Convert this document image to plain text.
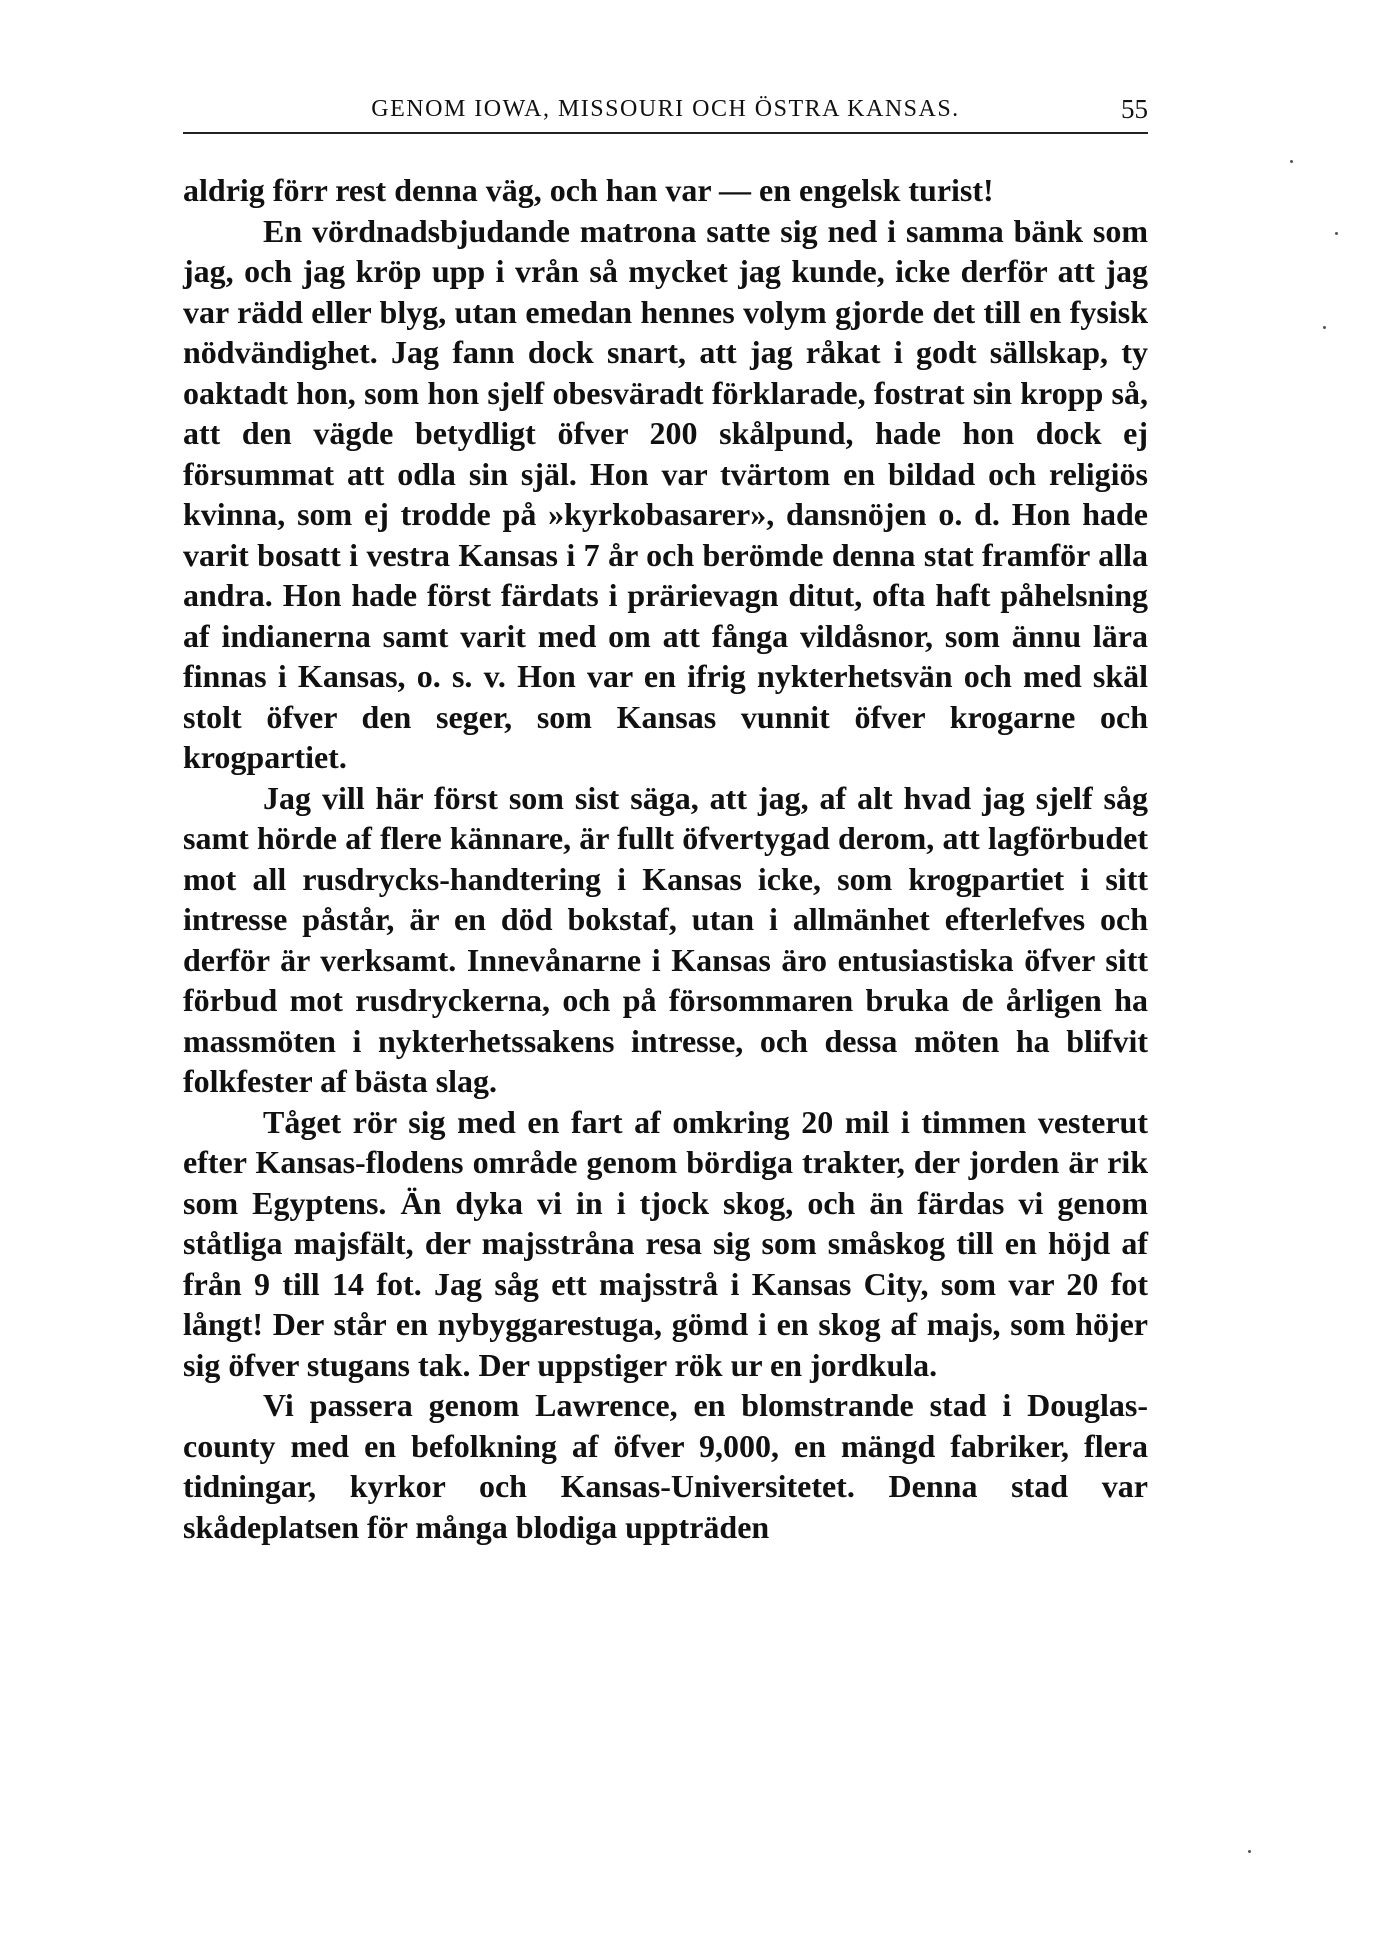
GENOM IOWA, MISSOURI OCH ÖSTRA KANSAS.	55

aldrig förr rest denna väg, och han var — en engelsk turist!

En vördnadsbjudande matrona satte sig ned i samma bänk som jag, och jag kröp upp i vrån så mycket jag kunde, icke derför att jag var rädd eller blyg, utan emedan hennes volym gjorde det till en fysisk nödvändighet. Jag fann dock snart, att jag råkat i godt sällskap, ty oaktadt hon, som hon sjelf obesväradt förklarade, fostrat sin kropp så, att den vägde betydligt öfver 200 skålpund, hade hon dock ej försummat att odla sin själ. Hon var tvärtom en bildad och religiös kvinna, som ej trodde på »kyrkobasarer», dansnöjen o. d. Hon hade varit bosatt i vestra Kansas i 7 år och berömde denna stat framför alla andra. Hon hade först färdats i prärievagn ditut, ofta haft påhelsning af indianerna samt varit med om att fånga vildåsnor, som ännu lära finnas i Kansas, o. s. v. Hon var en ifrig nykterhetsvän och med skäl stolt öfver den seger, som Kansas vunnit öfver krogarne och krogpartiet.

Jag vill här först som sist säga, att jag, af alt hvad jag sjelf såg samt hörde af flere kännare, är fullt öfvertygad derom, att lagförbudet mot all rusdrycks-handtering i Kansas icke, som krogpartiet i sitt intresse påstår, är en död bokstaf, utan i allmänhet efterlefves och derför är verksamt. Innevånarne i Kansas äro entusiastiska öfver sitt förbud mot rusdryckerna, och på försommaren bruka de årligen ha massmöten i nykterhetssakens intresse, och dessa möten ha blifvit folkfester af bästa slag.

Tåget rör sig med en fart af omkring 20 mil i timmen vesterut efter Kansas-flodens område genom bördiga trakter, der jorden är rik som Egyptens. Än dyka vi in i tjock skog, och än färdas vi genom ståtliga majsfält, der majsstråna resa sig som småskog till en höjd af från 9 till 14 fot. Jag såg ett majsstrå i Kansas City, som var 20 fot långt! Der står en nybyggarestuga, gömd i en skog af majs, som höjer sig öfver stugans tak. Der uppstiger rök ur en jordkula.

Vi passera genom Lawrence, en blomstrande stad i Douglas-county med en befolkning af öfver 9,000, en mängd fabriker, flera tidningar, kyrkor och Kansas-Universitetet. Denna stad var skådeplatsen för många blodiga uppträden
